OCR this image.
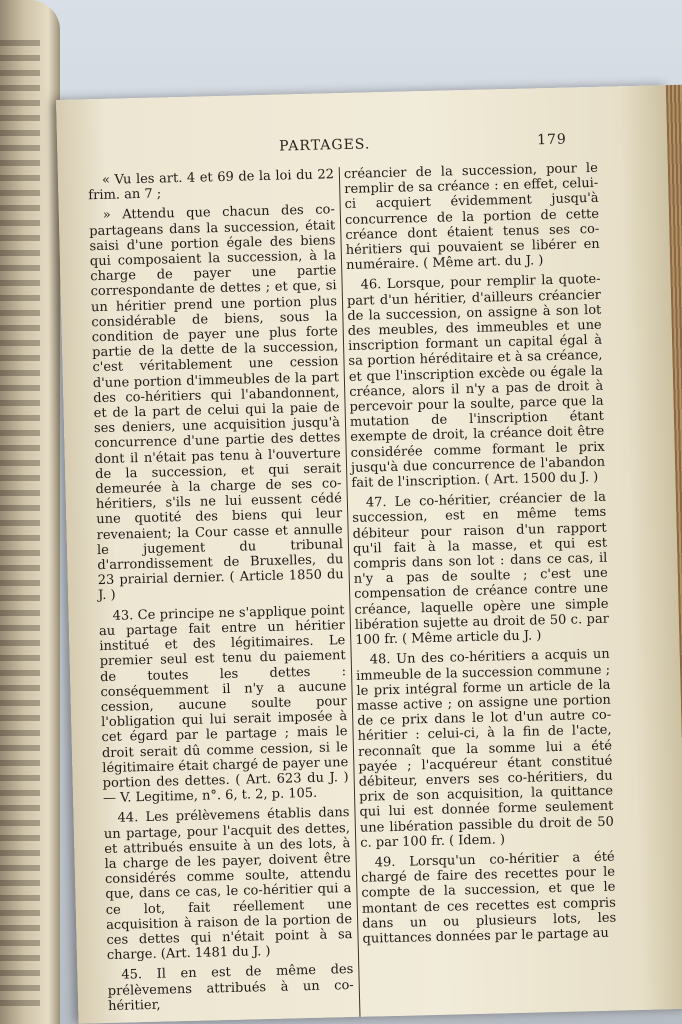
PARTAGES.	179

« Vu les art. 4 et 69 de la loi du 22 frim. an 7 ;

» Attendu que chacun des co-partageans dans la succession, était saisi d'une portion égale des biens qui composaient la succession, à la charge de payer une partie correspondante de dettes ; et que, si un héritier prend une portion plus considérable de biens, sous la condition de payer une plus forte partie de la dette de la succession, c'est véritablement une cession d'une portion d'immeubles de la part des co-héritiers qui l'abandonnent, et de la part de celui qui la paie de ses deniers, une acquisition jusqu'à concurrence d'une partie des dettes dont il n'était pas tenu à l'ouverture de la succession, et qui serait demeurée à la charge de ses co-héritiers, s'ils ne lui eussent cédé une quotité des biens qui leur revenaient; la Cour casse et annulle le jugement du tribunal d'arrondissement de Bruxelles, du 23 prairial dernier. ( Article 1850 du J. )

43. Ce principe ne s'applique point au partage fait entre un héritier institué et des légitimaires. Le premier seul est tenu du paiement de toutes les dettes : conséquemment il n'y a aucune cession, aucune soulte pour l'obligation qui lui serait imposée à cet égard par le partage ; mais le droit serait dû comme cession, si le légitimaire était chargé de payer une portion des dettes. ( Art. 623 du J. ) — V. Legitime, n°. 6, t. 2, p. 105.

44. Les prélèvemens établis dans un partage, pour l'acquit des dettes, et attribués ensuite à un des lots, à la charge de les payer, doivent être considérés comme soulte, attendu que, dans ce cas, le co-héritier qui a ce lot, fait réellement une acquisition à raison de la portion de ces dettes qui n'était point à sa charge. (Art. 1481 du J. )

45. Il en est de même des prélèvemens attribués à un co-héritier,

créancier de la succession, pour le remplir de sa créance : en effet, celui-ci acquiert évidemment jusqu'à concurrence de la portion de cette créance dont étaient tenus ses co-héritiers qui pouvaient se libérer en numéraire. ( Même art. du J. )

46. Lorsque, pour remplir la quote-part d'un héritier, d'ailleurs créancier de la succession, on assigne à son lot des meubles, des immeubles et une inscription formant un capital égal à sa portion héréditaire et à sa créance, et que l'inscription excède ou égale la créance, alors il n'y a pas de droit à percevoir pour la soulte, parce que la mutation de l'inscription étant exempte de droit, la créance doit être considérée comme formant le prix jusqu'à due concurrence de l'abandon fait de l'inscription. ( Art. 1500 du J. )

47. Le co-héritier, créancier de la succession, est en même tems débiteur pour raison d'un rapport qu'il fait à la masse, et qui est compris dans son lot : dans ce cas, il n'y a pas de soulte ; c'est une compensation de créance contre une créance, laquelle opère une simple libération sujette au droit de 50 c. par 100 fr. ( Même article du J. )

48. Un des co-héritiers a acquis un immeuble de la succession commune ; le prix intégral forme un article de la masse active ; on assigne une portion de ce prix dans le lot d'un autre co-héritier : celui-ci, à la fin de l'acte, reconnaît que la somme lui a été payée ; l'acquéreur étant constitué débiteur, envers ses co-héritiers, du prix de son acquisition, la quittance qui lui est donnée forme seulement une libération passible du droit de 50 c. par 100 fr. ( Idem. )

49. Lorsqu'un co-héritier a été chargé de faire des recettes pour le compte de la succession, et que le montant de ces recettes est compris dans un ou plusieurs lots, les quittances données par le partage au
